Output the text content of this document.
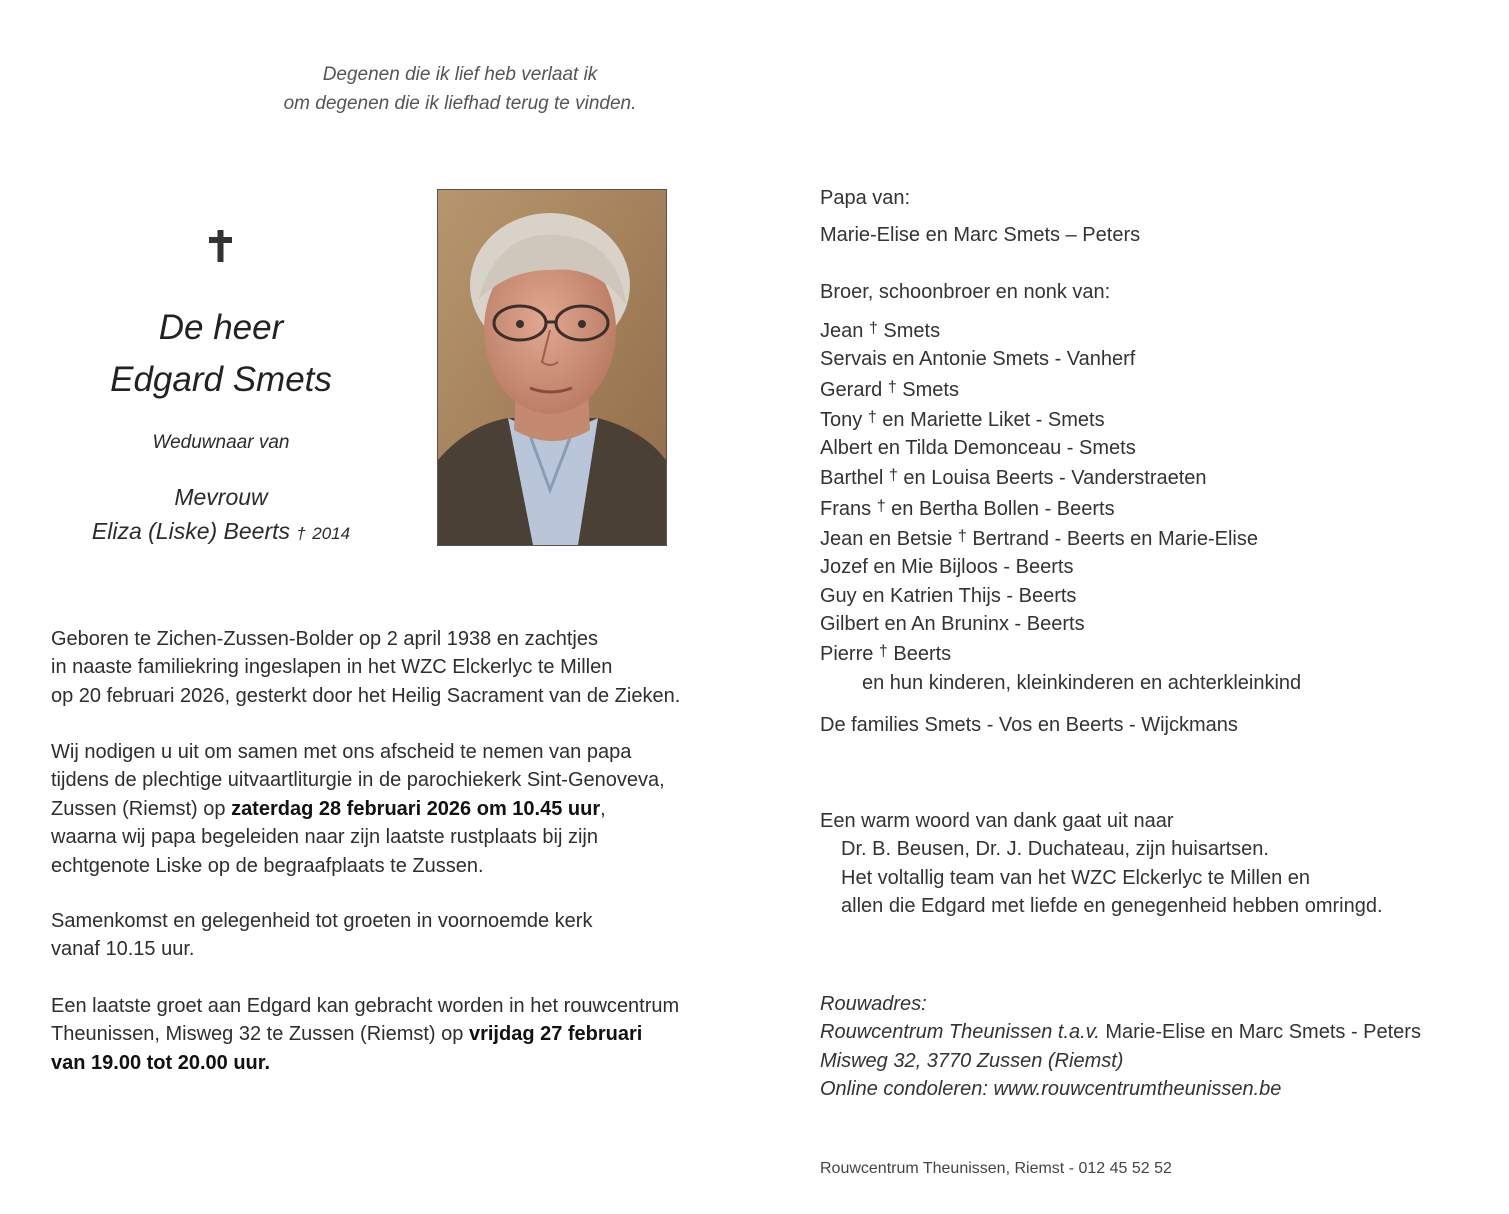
Degenen die ik lief heb verlaat ik
om degenen die ik liefhad terug te vinden.
De heer
Edgard Smets
Weduwnaar van
Mevrouw
Eliza (Liske) Beerts † 2014
Geboren te Zichen-Zussen-Bolder op 2 april 1938 en zachtjes
in naaste familiekring ingeslapen in het WZC Elckerlyc te Millen
op 20 februari 2026, gesterkt door het Heilig Sacrament van de Zieken.
Wij nodigen u uit om samen met ons afscheid te nemen van papa
tijdens de plechtige uitvaartliturgie in de parochiekerk Sint-Genoveva,
Zussen (Riemst) op zaterdag 28 februari 2026 om 10.45 uur,
waarna wij papa begeleiden naar zijn laatste rustplaats bij zijn
echtgenote Liske op de begraafplaats te Zussen.
Samenkomst en gelegenheid tot groeten in voornoemde kerk
vanaf 10.15 uur.
Een laatste groet aan Edgard kan gebracht worden in het rouwcentrum
Theunissen, Misweg 32 te Zussen (Riemst) op vrijdag 27 februari
van 19.00 tot 20.00 uur.
Papa van:
Marie-Elise en Marc Smets – Peters
Broer, schoonbroer en nonk van:
Jean † Smets
Servais en Antonie Smets - Vanherf
Gerard † Smets
Tony † en Mariette Liket - Smets
Albert en Tilda Demonceau - Smets
Barthel † en Louisa Beerts - Vanderstraeten
Frans † en Bertha Bollen - Beerts
Jean en Betsie † Bertrand - Beerts en Marie-Elise
Jozef en Mie Bijloos - Beerts
Guy en Katrien Thijs - Beerts
Gilbert en An Bruninx - Beerts
Pierre † Beerts
en hun kinderen, kleinkinderen en achterkleinkind
De families Smets - Vos en Beerts - Wijckmans
Een warm woord van dank gaat uit naar
Dr. B. Beusen, Dr. J. Duchateau, zijn huisartsen.
Het voltallig team van het WZC Elckerlyc te Millen en
allen die Edgard met liefde en genegenheid hebben omringd.
Rouwadres:
Rouwcentrum Theunissen t.a.v. Marie-Elise en Marc Smets - Peters
Misweg 32, 3770 Zussen (Riemst)
Online condoleren: www.rouwcentrumtheunissen.be
Rouwcentrum Theunissen, Riemst - 012 45 52 52
